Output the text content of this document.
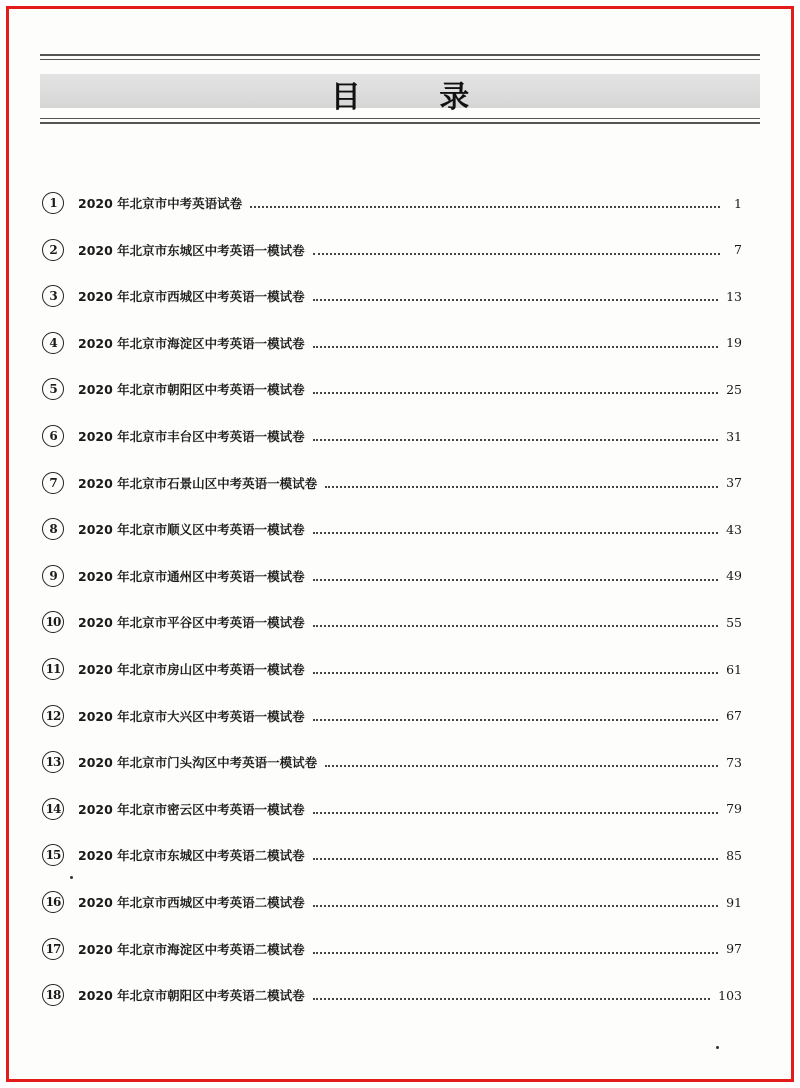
目 录
1	2020 年北京市中考英语试卷	1
2	2020 年北京市东城区中考英语一模试卷	7
3	2020 年北京市西城区中考英语一模试卷	13
4	2020 年北京市海淀区中考英语一模试卷	19
5	2020 年北京市朝阳区中考英语一模试卷	25
6	2020 年北京市丰台区中考英语一模试卷	31
7	2020 年北京市石景山区中考英语一模试卷	37
8	2020 年北京市顺义区中考英语一模试卷	43
9	2020 年北京市通州区中考英语一模试卷	49
10 2020 年北京市平谷区中考英语一模试卷	55
11 2020 年北京市房山区中考英语一模试卷	61
12 2020 年北京市大兴区中考英语一模试卷	67
13 2020 年北京市门头沟区中考英语一模试卷	73
14 2020 年北京市密云区中考英语一模试卷	79
15 2020 年北京市东城区中考英语二模试卷	85
16 2020 年北京市西城区中考英语二模试卷	91
17 2020 年北京市海淀区中考英语二模试卷	97
18 2020 年北京市朝阳区中考英语二模试卷	103
